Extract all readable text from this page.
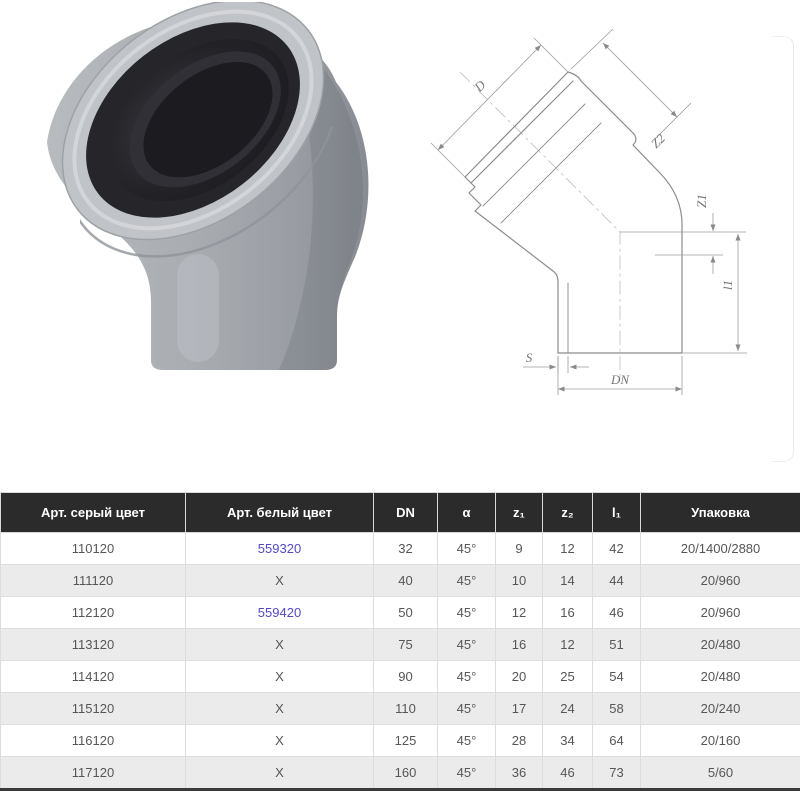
D
Z2
Z1
l1
S
DN
Арт. серый цвет	Арт. белый цвет	DN	α	z₁	z₂	l₁	Упаковка
110120	559320	32	45°	9	12	42	20/1400/2880
111120	X	40	45°	10	14	44	20/960
112120	559420	50	45°	12	16	46	20/960
113120	X	75	45°	16	12	51	20/480
114120	X	90	45°	20	25	54	20/480
115120	X	110	45°	17	24	58	20/240
116120	X	125	45°	28	34	64	20/160
117120	X	160	45°	36	46	73	5/60
